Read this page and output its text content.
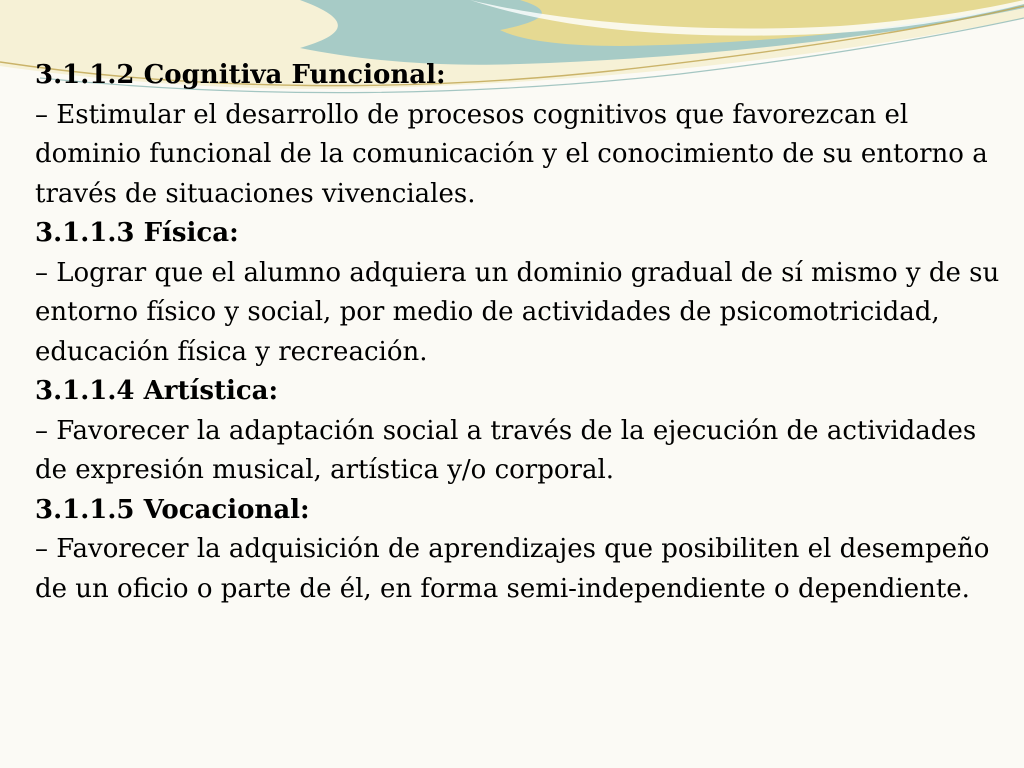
3.1.1.2 Cognitiva Funcional:

– Estimular el desarrollo de procesos cognitivos que favorezcan el dominio funcional de la comunicación y el conocimiento de su entorno a través de situaciones vivenciales.

3.1.1.3 Física:

– Lograr que el alumno adquiera un dominio gradual de sí mismo y de su entorno físico y social, por medio de actividades de psicomotricidad, educación física y recreación.

3.1.1.4 Artística:

– Favorecer la adaptación social a través de la ejecución de actividades de expresión musical, artística y/o corporal.

3.1.1.5 Vocacional:

– Favorecer la adquisición de aprendizajes que posibiliten el desempeño de un oficio o parte de él, en forma semi-independiente o dependiente.
